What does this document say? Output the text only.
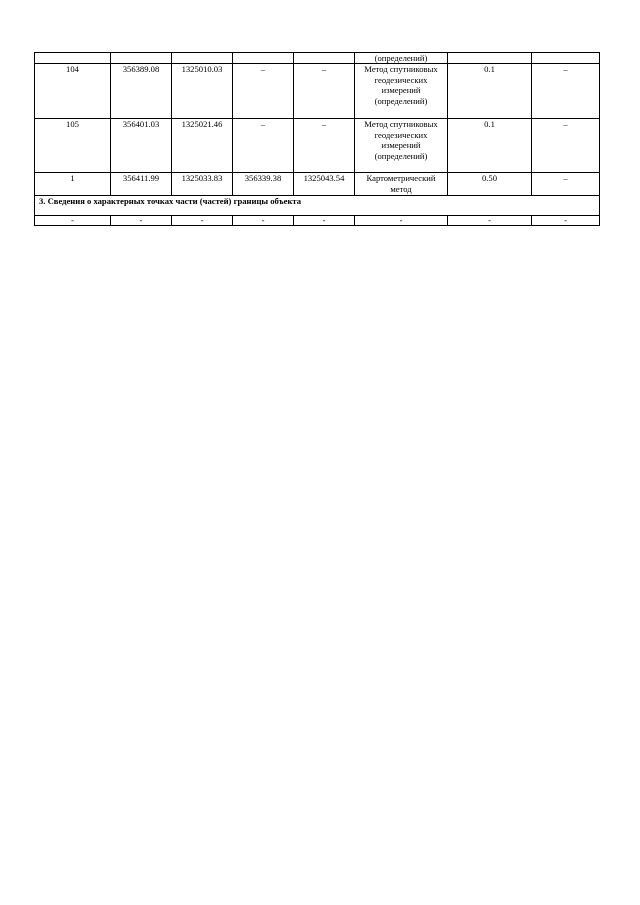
					(определений)		
104	356389.08	1325010.03	–	–	Метод спутниковых геодезических измерений (определений)	0.1	–
105	356401.03	1325021.46	–	–	Метод спутниковых геодезических измерений (определений)	0.1	–
1	356411.99	1325033.83	356339.38	1325043.54	Картометрический метод	0.50	–
3. Сведения о характерных точках части (частей) границы объекта							
-	-	-	-	-	-	-	-
